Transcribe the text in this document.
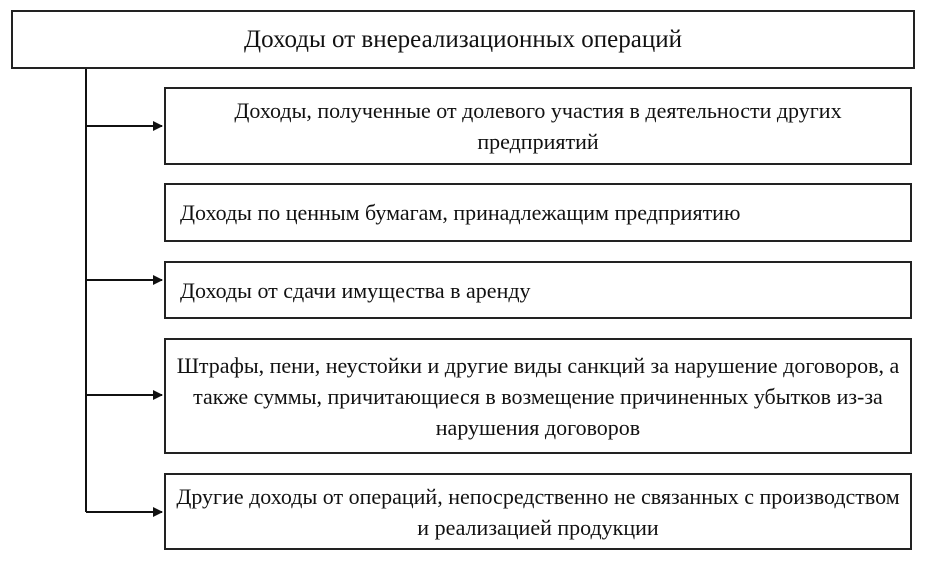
Доходы от внереализационных операций
Доходы, полученные от долевого участия в деятельности других предприятий
Доходы по ценным бумагам, принадлежащим предприятию
Доходы от сдачи имущества в аренду
Штрафы, пени, неустойки и другие виды санкций за нарушение договоров, а также суммы, причитающиеся в возмещение причиненных убытков из-за нарушения договоров
Другие доходы от операций, непосредственно не связанных с производством и реализацией продукции
